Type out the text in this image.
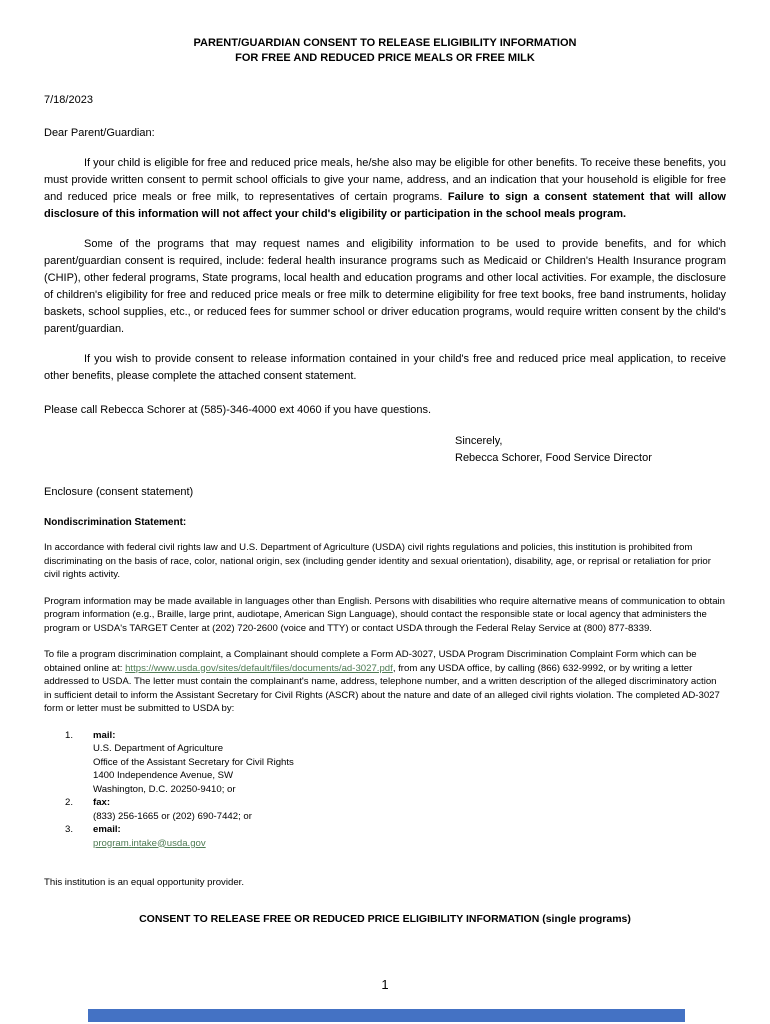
PARENT/GUARDIAN CONSENT TO RELEASE ELIGIBILITY INFORMATION
FOR FREE AND REDUCED PRICE MEALS OR FREE MILK
7/18/2023
Dear Parent/Guardian:

If your child is eligible for free and reduced price meals, he/she also may be eligible for other benefits. To receive these benefits, you must provide written consent to permit school officials to give your name, address, and an indication that your household is eligible for free and reduced price meals or free milk, to representatives of certain programs. Failure to sign a consent statement that will allow disclosure of this information will not affect your child's eligibility or participation in the school meals program.

Some of the programs that may request names and eligibility information to be used to provide benefits, and for which parent/guardian consent is required, include: federal health insurance programs such as Medicaid or Children's Health Insurance program (CHIP), other federal programs, State programs, local health and education programs and other local activities. For example, the disclosure of children's eligibility for free and reduced price meals or free milk to determine eligibility for free text books, free band instruments, holiday baskets, school supplies, etc., or reduced fees for summer school or driver education programs, would require written consent by the child's parent/guardian.

If you wish to provide consent to release information contained in your child's free and reduced price meal application, to receive other benefits, please complete the attached consent statement.

Please call Rebecca Schorer at (585)-346-4000 ext 4060 if you have questions.
Sincerely,
Rebecca Schorer, Food Service Director
Enclosure (consent statement)
Nondiscrimination Statement:

In accordance with federal civil rights law and U.S. Department of Agriculture (USDA) civil rights regulations and policies, this institution is prohibited from discriminating on the basis of race, color, national origin, sex (including gender identity and sexual orientation), disability, age, or reprisal or retaliation for prior civil rights activity.

Program information may be made available in languages other than English. Persons with disabilities who require alternative means of communication to obtain program information (e.g., Braille, large print, audiotape, American Sign Language), should contact the responsible state or local agency that administers the program or USDA's TARGET Center at (202) 720-2600 (voice and TTY) or contact USDA through the Federal Relay Service at (800) 877-8339.

To file a program discrimination complaint, a Complainant should complete a Form AD-3027, USDA Program Discrimination Complaint Form which can be obtained online at: https://www.usda.gov/sites/default/files/documents/ad-3027.pdf, from any USDA office, by calling (866) 632-9992, or by writing a letter addressed to USDA. The letter must contain the complainant's name, address, telephone number, and a written description of the alleged discriminatory action in sufficient detail to inform the Assistant Secretary for Civil Rights (ASCR) about the nature and date of an alleged civil rights violation. The completed AD-3027 form or letter must be submitted to USDA by:

1.	mail:
U.S. Department of Agriculture
Office of the Assistant Secretary for Civil Rights
1400 Independence Avenue, SW
Washington, D.C. 20250-9410; or
2.	fax:
(833) 256-1665 or (202) 690-7442; or
3.	email:
program.intake@usda.gov
This institution is an equal opportunity provider.
CONSENT TO RELEASE FREE OR REDUCED PRICE ELIGIBILITY INFORMATION (single programs)
1
